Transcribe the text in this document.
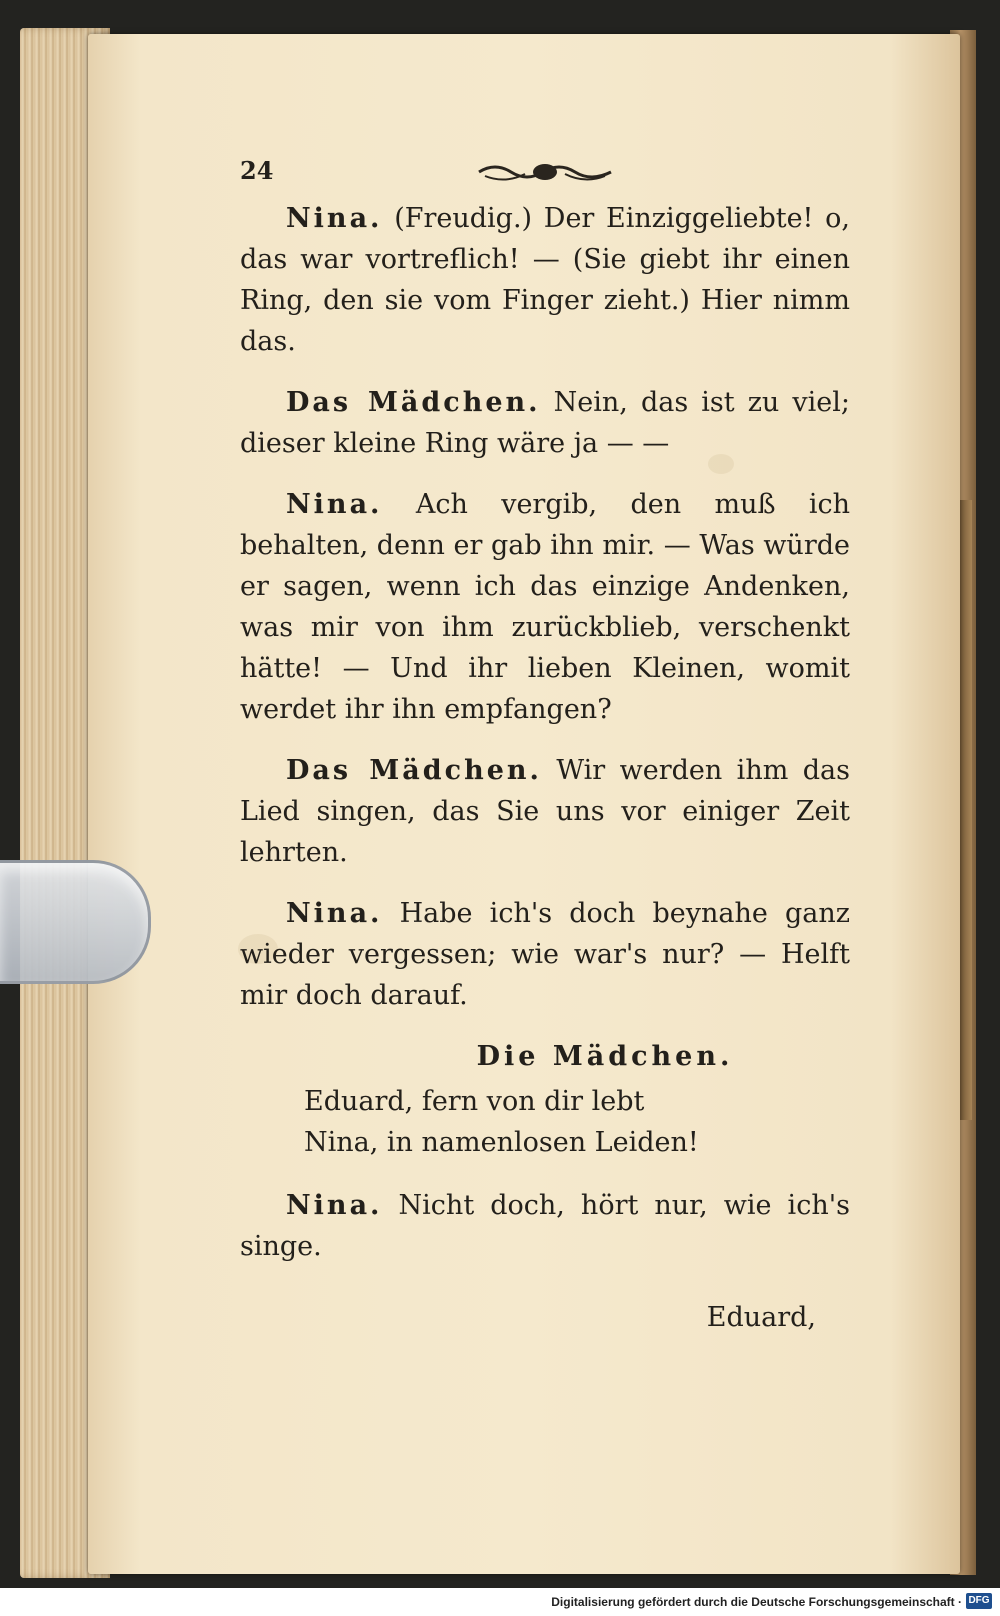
24

Nina. (Freudig.) Der Einziggeliebte! o, das war vortreflich! — (Sie giebt ihr einen Ring, den sie vom Finger zieht.) Hier nimm das.

Das Mädchen. Nein, das ist zu viel; dieser kleine Ring wäre ja — —

Nina. Ach vergib, den muß ich behalten, denn er gab ihn mir. — Was würde er sagen, wenn ich das einzige Andenken, was mir von ihm zurückblieb, verschenkt hätte! — Und ihr lieben Kleinen, womit werdet ihr ihn empfangen?

Das Mädchen. Wir werden ihm das Lied singen, das Sie uns vor einiger Zeit lehrten.

Nina. Habe ich's doch beynahe ganz wieder vergessen; wie war's nur? — Helft mir doch darauf.

Die Mädchen.
Eduard, fern von dir lebt
Nina, in namenlosen Leiden!

Nina. Nicht doch, hört nur, wie ich's singe.

Eduard,
Digitalisierung gefördert durch die Deutsche Forschungsgemeinschaft · DFG
